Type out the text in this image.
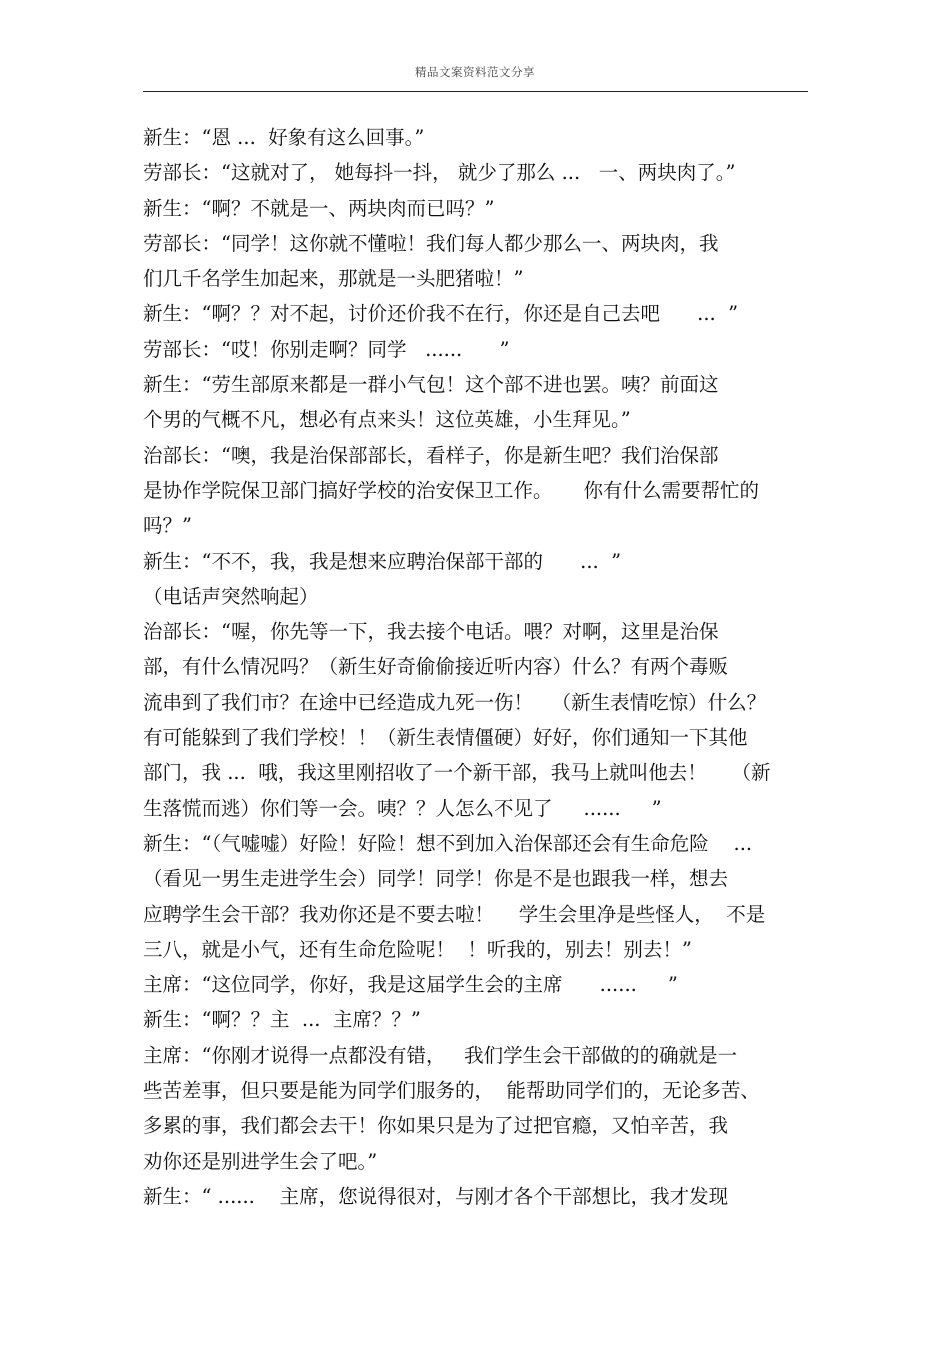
精品文案资料范文分享
新生：“恩 ...  好象有这么回事。”
劳部长：“这就对了， 她每抖一抖， 就少了那么 ...   一、两块肉了。”
新生：“啊？不就是一、两块肉而已吗？”
劳部长：“同学！这你就不懂啦！我们每人都少那么一、两块肉，我
们几千名学生加起来，那就是一头肥猪啦！”
新生：“啊？？对不起，讨价还价我不在行，你还是自己去吧      ...  ”
劳部长：“哎！你别走啊？同学   ......      ”
新生：“劳生部原来都是一群小气包！这个部不进也罢。咦？前面这
个男的气概不凡，想必有点来头！这位英雄，小生拜见。”
治部长：“噢，我是治保部部长，看样子，你是新生吧？我们治保部
是协作学院保卫部门搞好学校的治安保卫工作。     你有什么需要帮忙的
吗？”
新生：“不不，我，我是想来应聘治保部干部的      ...  ”
（电话声突然响起）
治部长：“喔，你先等一下，我去接个电话。喂？对啊，这里是治保
部，有什么情况吗？（新生好奇偷偷接近听内容）什么？有两个毒贩
流串到了我们市？在途中已经造成九死一伤！   （新生表情吃惊）什么？
有可能躲到了我们学校！！（新生表情僵硬）好好，你们通知一下其他
部门，我 ...  哦，我这里刚招收了一个新干部，我马上就叫他去！    （新
生落慌而逃）你们等一会。咦？？人怎么不见了     ......     ”
新生：“（气嘘嘘）好险！好险！想不到加入治保部还会有生命危险    ...
（看见一男生走进学生会）同学！同学！你是不是也跟我一样，想去
应聘学生会干部？我劝你还是不要去啦！    学生会里净是些怪人，  不是
三八，就是小气，还有生命危险呢！  ！听我的，别去！别去！”
主席：“这位同学，你好，我是这届学生会的主席      ......     ”
新生：“啊？？主  ...  主席？？”
主席：“你刚才说得一点都没有错，   我们学生会干部做的的确就是一
些苦差事，但只要是能为同学们服务的，  能帮助同学们的，无论多苦、
多累的事，我们都会去干！你如果只是为了过把官瘾，又怕辛苦，我
劝你还是别进学生会了吧。”
新生：“ ......    主席，您说得很对，与刚才各个干部想比，我才发现
